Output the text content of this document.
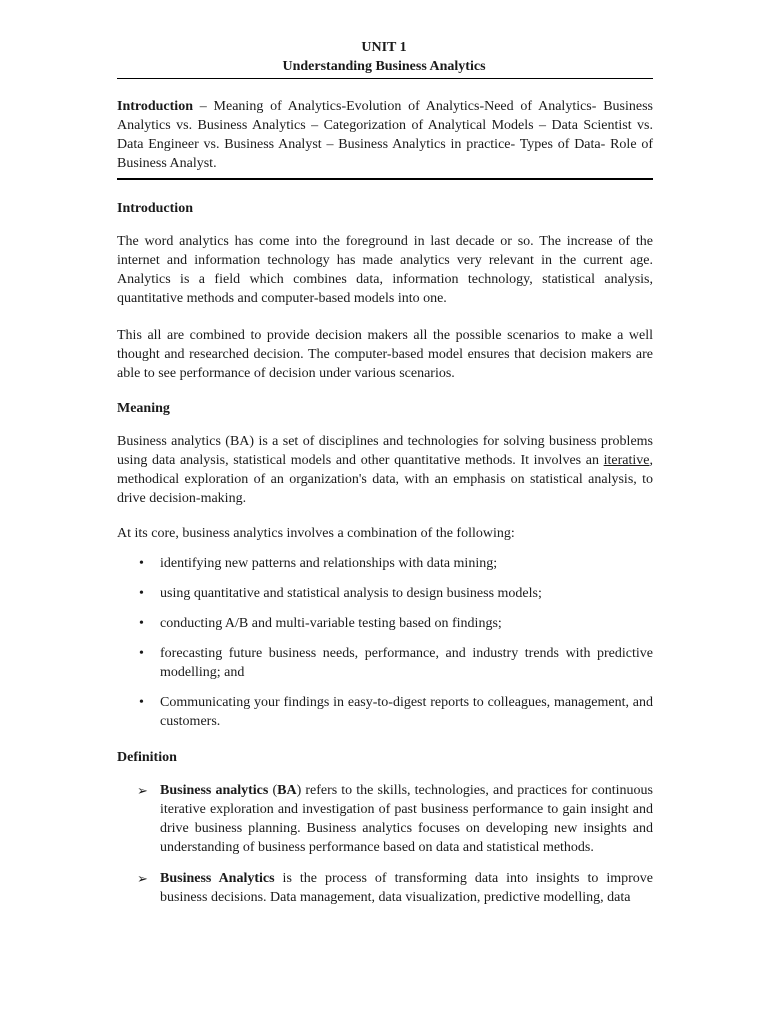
UNIT 1
Understanding Business Analytics
Introduction – Meaning of Analytics-Evolution of Analytics-Need of Analytics- Business Analytics vs. Business Analytics – Categorization of Analytical Models – Data Scientist vs. Data Engineer vs. Business Analyst – Business Analytics in practice- Types of Data- Role of Business Analyst.
Introduction
The word analytics has come into the foreground in last decade or so. The increase of the internet and information technology has made analytics very relevant in the current age. Analytics is a field which combines data, information technology, statistical analysis, quantitative methods and computer-based models into one.
This all are combined to provide decision makers all the possible scenarios to make a well thought and researched decision. The computer-based model ensures that decision makers are able to see performance of decision under various scenarios.
Meaning
Business analytics (BA) is a set of disciplines and technologies for solving business problems using data analysis, statistical models and other quantitative methods. It involves an iterative, methodical exploration of an organization's data, with an emphasis on statistical analysis, to drive decision-making.
At its core, business analytics involves a combination of the following:
• identifying new patterns and relationships with data mining;
• using quantitative and statistical analysis to design business models;
• conducting A/B and multi-variable testing based on findings;
• forecasting future business needs, performance, and industry trends with predictive modelling; and
• Communicating your findings in easy-to-digest reports to colleagues, management, and customers.
Definition
➢ Business analytics (BA) refers to the skills, technologies, and practices for continuous iterative exploration and investigation of past business performance to gain insight and drive business planning. Business analytics focuses on developing new insights and understanding of business performance based on data and statistical methods.
➢ Business Analytics is the process of transforming data into insights to improve business decisions. Data management, data visualization, predictive modelling, data
